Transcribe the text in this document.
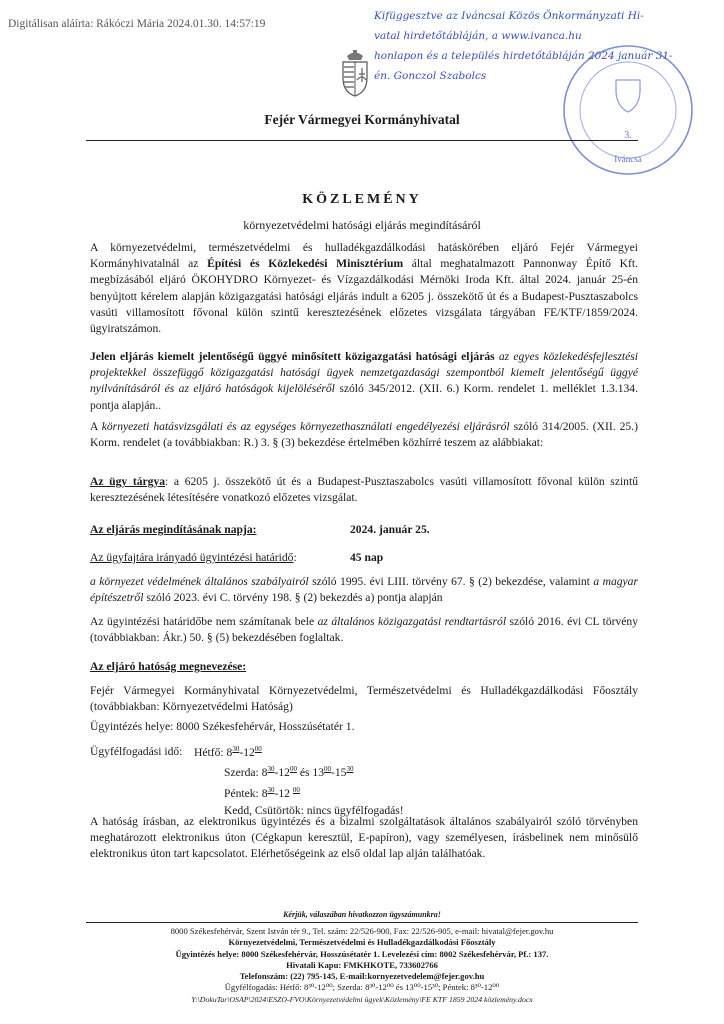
Digitálisan aláírta: Rákóczi Mária 2024.01.30. 14:57:19
Kifüggesztve az Iváncsai Közös Önkormányzati Hi-
vatal hirdetőtábláján, a www.ivanca.hu
honlapon és a település hirdetőtábláján 2024 január 31-
én. Gonczol Szabolcs
3.
Iváncsa
Fejér Vármegyei Kormányhivatal
KÖZLEMÉNY
környezetvédelmi hatósági eljárás megindításáról
A környezetvédelmi, természetvédelmi és hulladékgazdálkodási hatáskörében eljáró Fejér Vármegyei Kormányhivatalnál az Építési és Közlekedési Minisztérium által meghatalmazott Pannonway Építő Kft. megbízásából eljáró ÖKOHYDRO Környezet- és Vízgazdálkodási Mérnöki Iroda Kft. által 2024. január 25-én benyújtott kérelem alapján közigazgatási hatósági eljárás indult a 6205 j. összekötő út és a Budapest-Pusztaszabolcs vasúti villamosított fővonal külön szintű keresztezésének előzetes vizsgálata tárgyában FE/KTF/1859/2024. ügyiratszámon.
Jelen eljárás kiemelt jelentőségű üggyé minősített közigazgatási hatósági eljárás az egyes közlekedésfejlesztési projektekkel összefüggő közigazgatási hatósági ügyek nemzetgazdasági szempontból kiemelt jelentőségű üggyé nyilvánításáról és az eljáró hatóságok kijelöléséről szóló 345/2012. (XII. 6.) Korm. rendelet 1. melléklet 1.3.134. pontja alapján..
A környezeti hatásvizsgálati és az egységes környezethasználati engedélyezési eljárásról szóló 314/2005. (XII. 25.) Korm. rendelet (a továbbiakban: R.) 3. § (3) bekezdése értelmében közhírré teszem az alábbiakat:
Az ügy tárgya: a 6205 j. összekötő út és a Budapest-Pusztaszabolcs vasúti villamosított fővonal külön szintű keresztezésének létesítésére vonatkozó előzetes vizsgálat.
Az eljárás megindításának napja:	2024. január 25.
Az ügyfajtára irányadó ügyintézési határidő:	45 nap
a környezet védelmének általános szabályairól szóló 1995. évi LIII. törvény 67. § (2) bekezdése, valamint a magyar építészetről szóló 2023. évi C. törvény 198. § (2) bekezdés a) pontja alapján
Az ügyintézési határidőbe nem számítanak bele az általános közigazgatási rendtartásról szóló 2016. évi CL törvény (továbbiakban: Ákr.) 50. § (5) bekezdésében foglaltak.
Az eljáró hatóság megnevezése:
Fejér Vármegyei Kormányhivatal Környezetvédelmi, Természetvédelmi és Hulladékgazdálkodási Főosztály (továbbiakban: Környezetvédelmi Hatóság)
Ügyintézés helye: 8000 Székesfehérvár, Hosszúsétatér 1.
Ügyfélfogadási idő: Hétfő: $8^{30}-12^{00}$
Szerda: $8^{30}-12^{00}$ és $13^{00}-15^{30}$
Péntek: $8^{30}-12$ $^{00}$
Kedd, Csütörtök: nincs ügyfélfogadás!
A hatóság írásban, az elektronikus ügyintézés és a bizalmi szolgáltatások általános szabályairól szóló törvényben meghatározott elektronikus úton (Cégkapun keresztül, E-papíron), vagy személyesen, írásbelinek nem minősülő elektronikus úton tart kapcsolatot. Elérhetőségeink az első oldal lap alján találhatóak.
Kérjük, válaszában hivatkozzon ügyszámunkra!
8000 Székesfehérvár, Szent István tér 9., Tel. szám: 22/526-900, Fax: 22/526-905, e-mail: hivatal@fejer.gov.hu
Környezetvédelmi, Természetvédelmi és Hulladékgazdálkodási Főosztály
Ügyintézés helye: 8000 Székesfehérvár, Hosszúsétatér 1. Levelezési cím: 8002 Székesfehérvár, Pf.: 137.
Hivatali Kapu: FMKHKOTE, 733602766
Telefonszám: (22) 795-145, E-mail:kornyezetvedelem@fejer.gov.hu
Ügyfélfogadás: Hétfő: 8³⁰-12⁰⁰; Szerda: 8³⁰-12⁰⁰ és 13⁰⁰-15³⁰; Péntek: 8³⁰-12⁰⁰
Y:\DokuTar\OSAP\2024\ESZO-FVO\Környezetvédelmi ügyek\Közlemény\FE KTF 1859 2024 közlemény.docx
